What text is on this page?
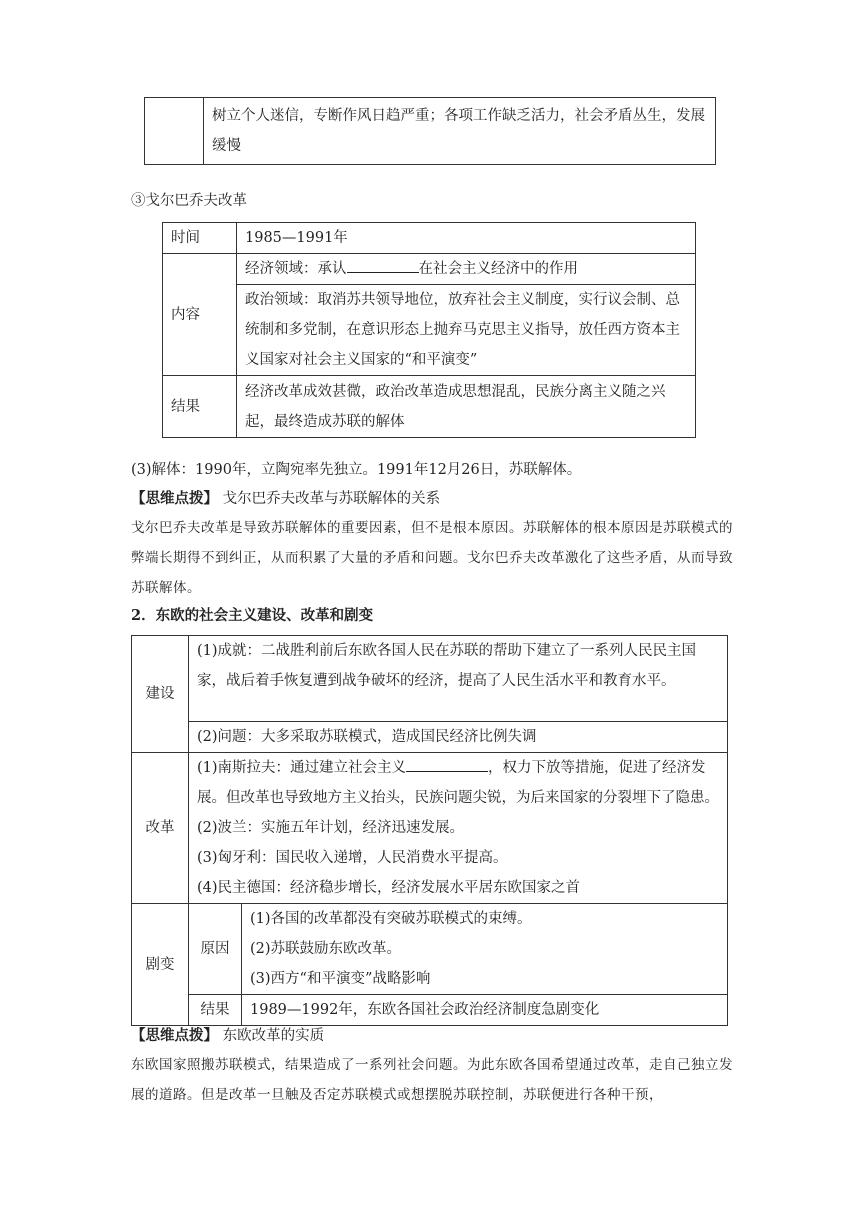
	树立个人迷信，专断作风日趋严重；各项工作缺乏活力，社会矛盾丛生，发展缓慢
③戈尔巴乔夫改革
时间	1985—1991年
内容	经济领域：承认 在社会主义经济中的作用
	政治领域：取消苏共领导地位，放弃社会主义制度，实行议会制、总统制和多党制，在意识形态上抛弃马克思主义指导，放任西方资本主义国家对社会主义国家的“和平演变”
结果	经济改革成效甚微，政治改革造成思想混乱，民族分离主义随之兴起，最终造成苏联的解体
(3)解体：1990年，立陶宛率先独立。1991年12月26日，苏联解体。
【思维点拨】 戈尔巴乔夫改革与苏联解体的关系
戈尔巴乔夫改革是导致苏联解体的重要因素，但不是根本原因。苏联解体的根本原因是苏联模式的弊端长期得不到纠正，从而积累了大量的矛盾和问题。戈尔巴乔夫改革激化了这些矛盾，从而导致苏联解体。
2．东欧的社会主义建设、改革和剧变
建设	(1)成就：二战胜利前后东欧各国人民在苏联的帮助下建立了一系列人民民主国家，战后着手恢复遭到战争破坏的经济，提高了人民生活水平和教育水平。	
	(2)问题：大多采取苏联模式，造成国民经济比例失调	
改革	(1)南斯拉夫：通过建立社会主义 ，权力下放等措施，促进了经济发展。但改革也导致地方主义抬头，民族问题尖锐，为后来国家的分裂埋下了隐患。

(2)波兰：实施五年计划，经济迅速发展。

(3)匈牙利：国民收入递增，人民消费水平提高。

(4)民主德国：经济稳步增长，经济发展水平居东欧国家之首	

剧变	原因	(1)各国的改革都没有突破苏联模式的束缚。

(2)苏联鼓励东欧改革。

(3)西方“和平演变”战略影响

	结果	1989—1992年，东欧各国社会政治经济制度急剧变化
【思维点拨】 东欧改革的实质
东欧国家照搬苏联模式，结果造成了一系列社会问题。为此东欧各国希望通过改革，走自己独立发展的道路。但是改革一旦触及否定苏联模式或想摆脱苏联控制，苏联便进行各种干预，
